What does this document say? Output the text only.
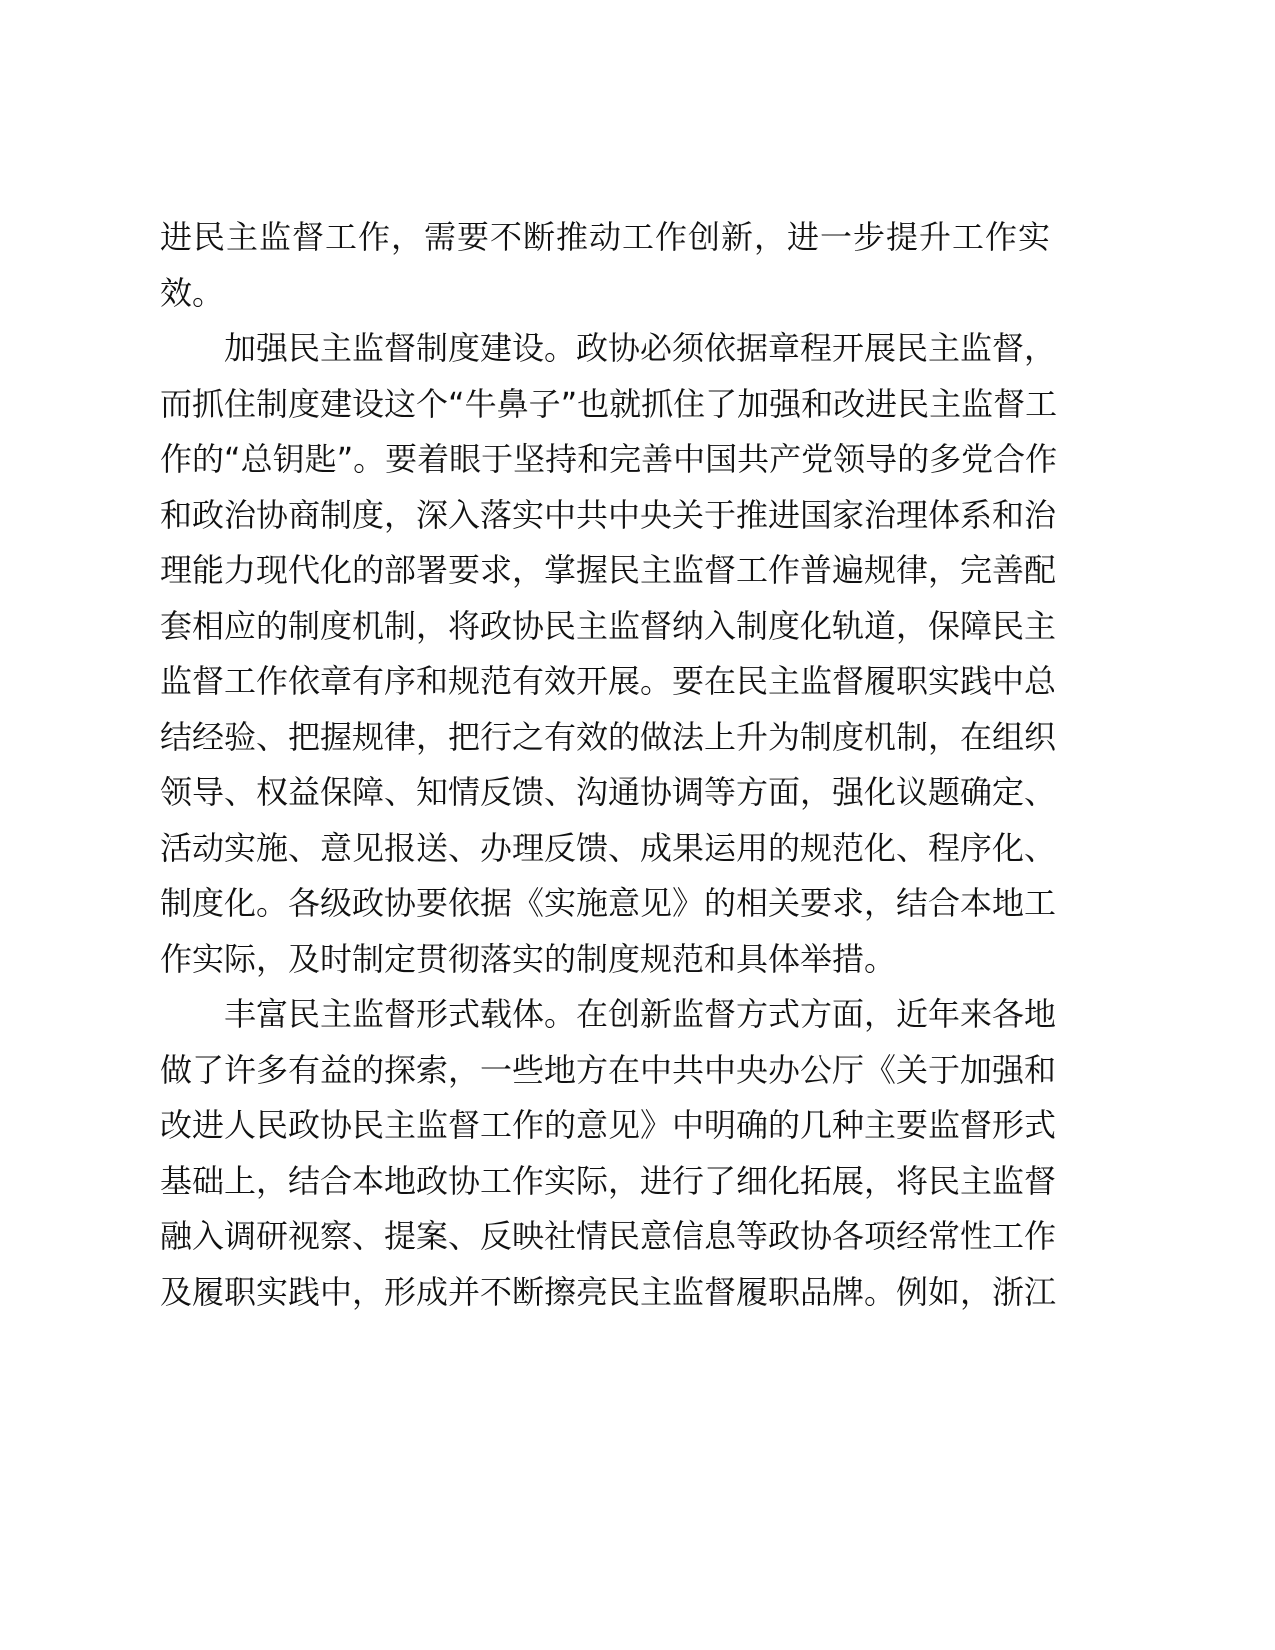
进民主监督工作，需要不断推动工作创新，进一步提升工作实
效。
加强民主监督制度建设。政协必须依据章程开展民主监督，
而抓住制度建设这个“牛鼻子”也就抓住了加强和改进民主监督工
作的“总钥匙”。要着眼于坚持和完善中国共产党领导的多党合作
和政治协商制度，深入落实中共中央关于推进国家治理体系和治
理能力现代化的部署要求，掌握民主监督工作普遍规律，完善配
套相应的制度机制，将政协民主监督纳入制度化轨道，保障民主
监督工作依章有序和规范有效开展。要在民主监督履职实践中总
结经验、把握规律，把行之有效的做法上升为制度机制，在组织
领导、权益保障、知情反馈、沟通协调等方面，强化议题确定、
活动实施、意见报送、办理反馈、成果运用的规范化、程序化、
制度化。各级政协要依据《实施意见》的相关要求，结合本地工
作实际，及时制定贯彻落实的制度规范和具体举措。
丰富民主监督形式载体。在创新监督方式方面，近年来各地
做了许多有益的探索，一些地方在中共中央办公厅《关于加强和
改进人民政协民主监督工作的意见》中明确的几种主要监督形式
基础上，结合本地政协工作实际，进行了细化拓展，将民主监督
融入调研视察、提案、反映社情民意信息等政协各项经常性工作
及履职实践中，形成并不断擦亮民主监督履职品牌。例如，浙江
